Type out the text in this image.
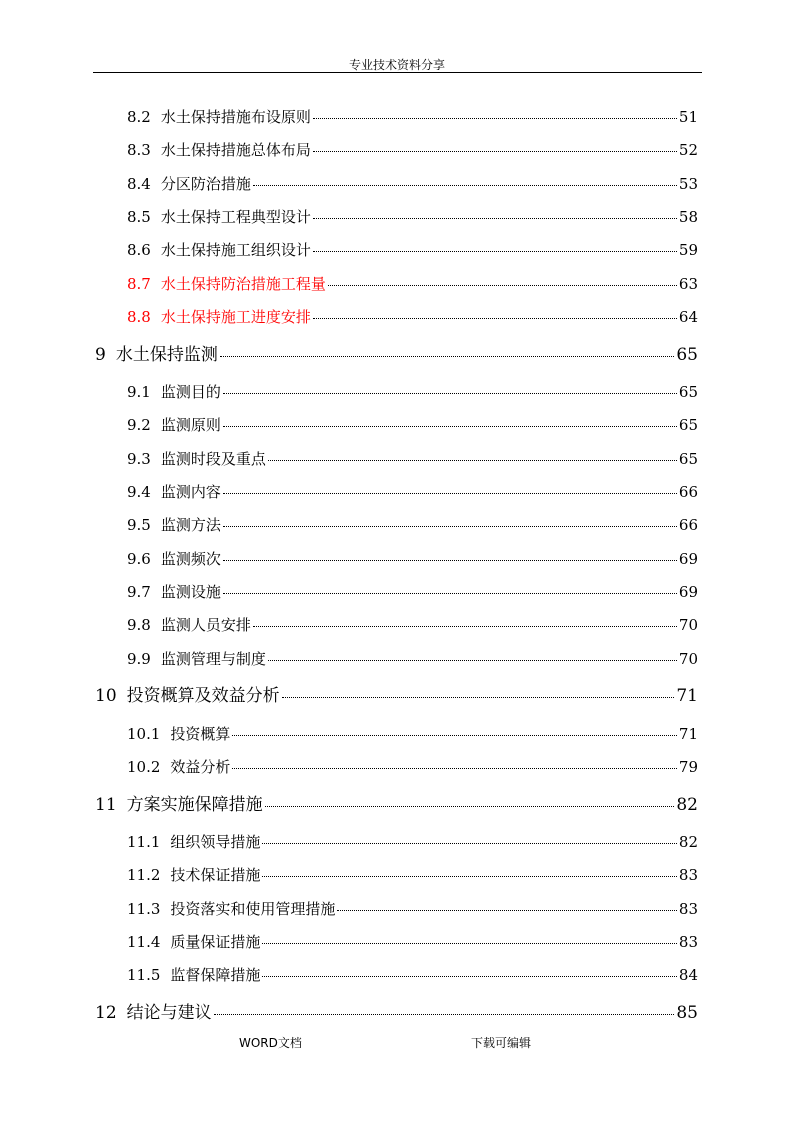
专业技术资料分享
8.2 水土保持措施布设原则	51
8.3 水土保持措施总体布局	52
8.4 分区防治措施	53
8.5 水土保持工程典型设计	58
8.6 水土保持施工组织设计	59
8.7 水土保持防治措施工程量	63
8.8 水土保持施工进度安排	64
9 水土保持监测	65
9.1 监测目的	65
9.2 监测原则	65
9.3 监测时段及重点	65
9.4 监测内容	66
9.5 监测方法	66
9.6 监测频次	69
9.7 监测设施	69
9.8 监测人员安排	70
9.9 监测管理与制度	70
10 投资概算及效益分析	71
10.1 投资概算	71
10.2 效益分析	79
11 方案实施保障措施	82
11.1 组织领导措施	82
11.2 技术保证措施	83
11.3 投资落实和使用管理措施	83
11.4 质量保证措施	83
11.5 监督保障措施	84
12 结论与建议	85
WORD文档	下载可编辑
